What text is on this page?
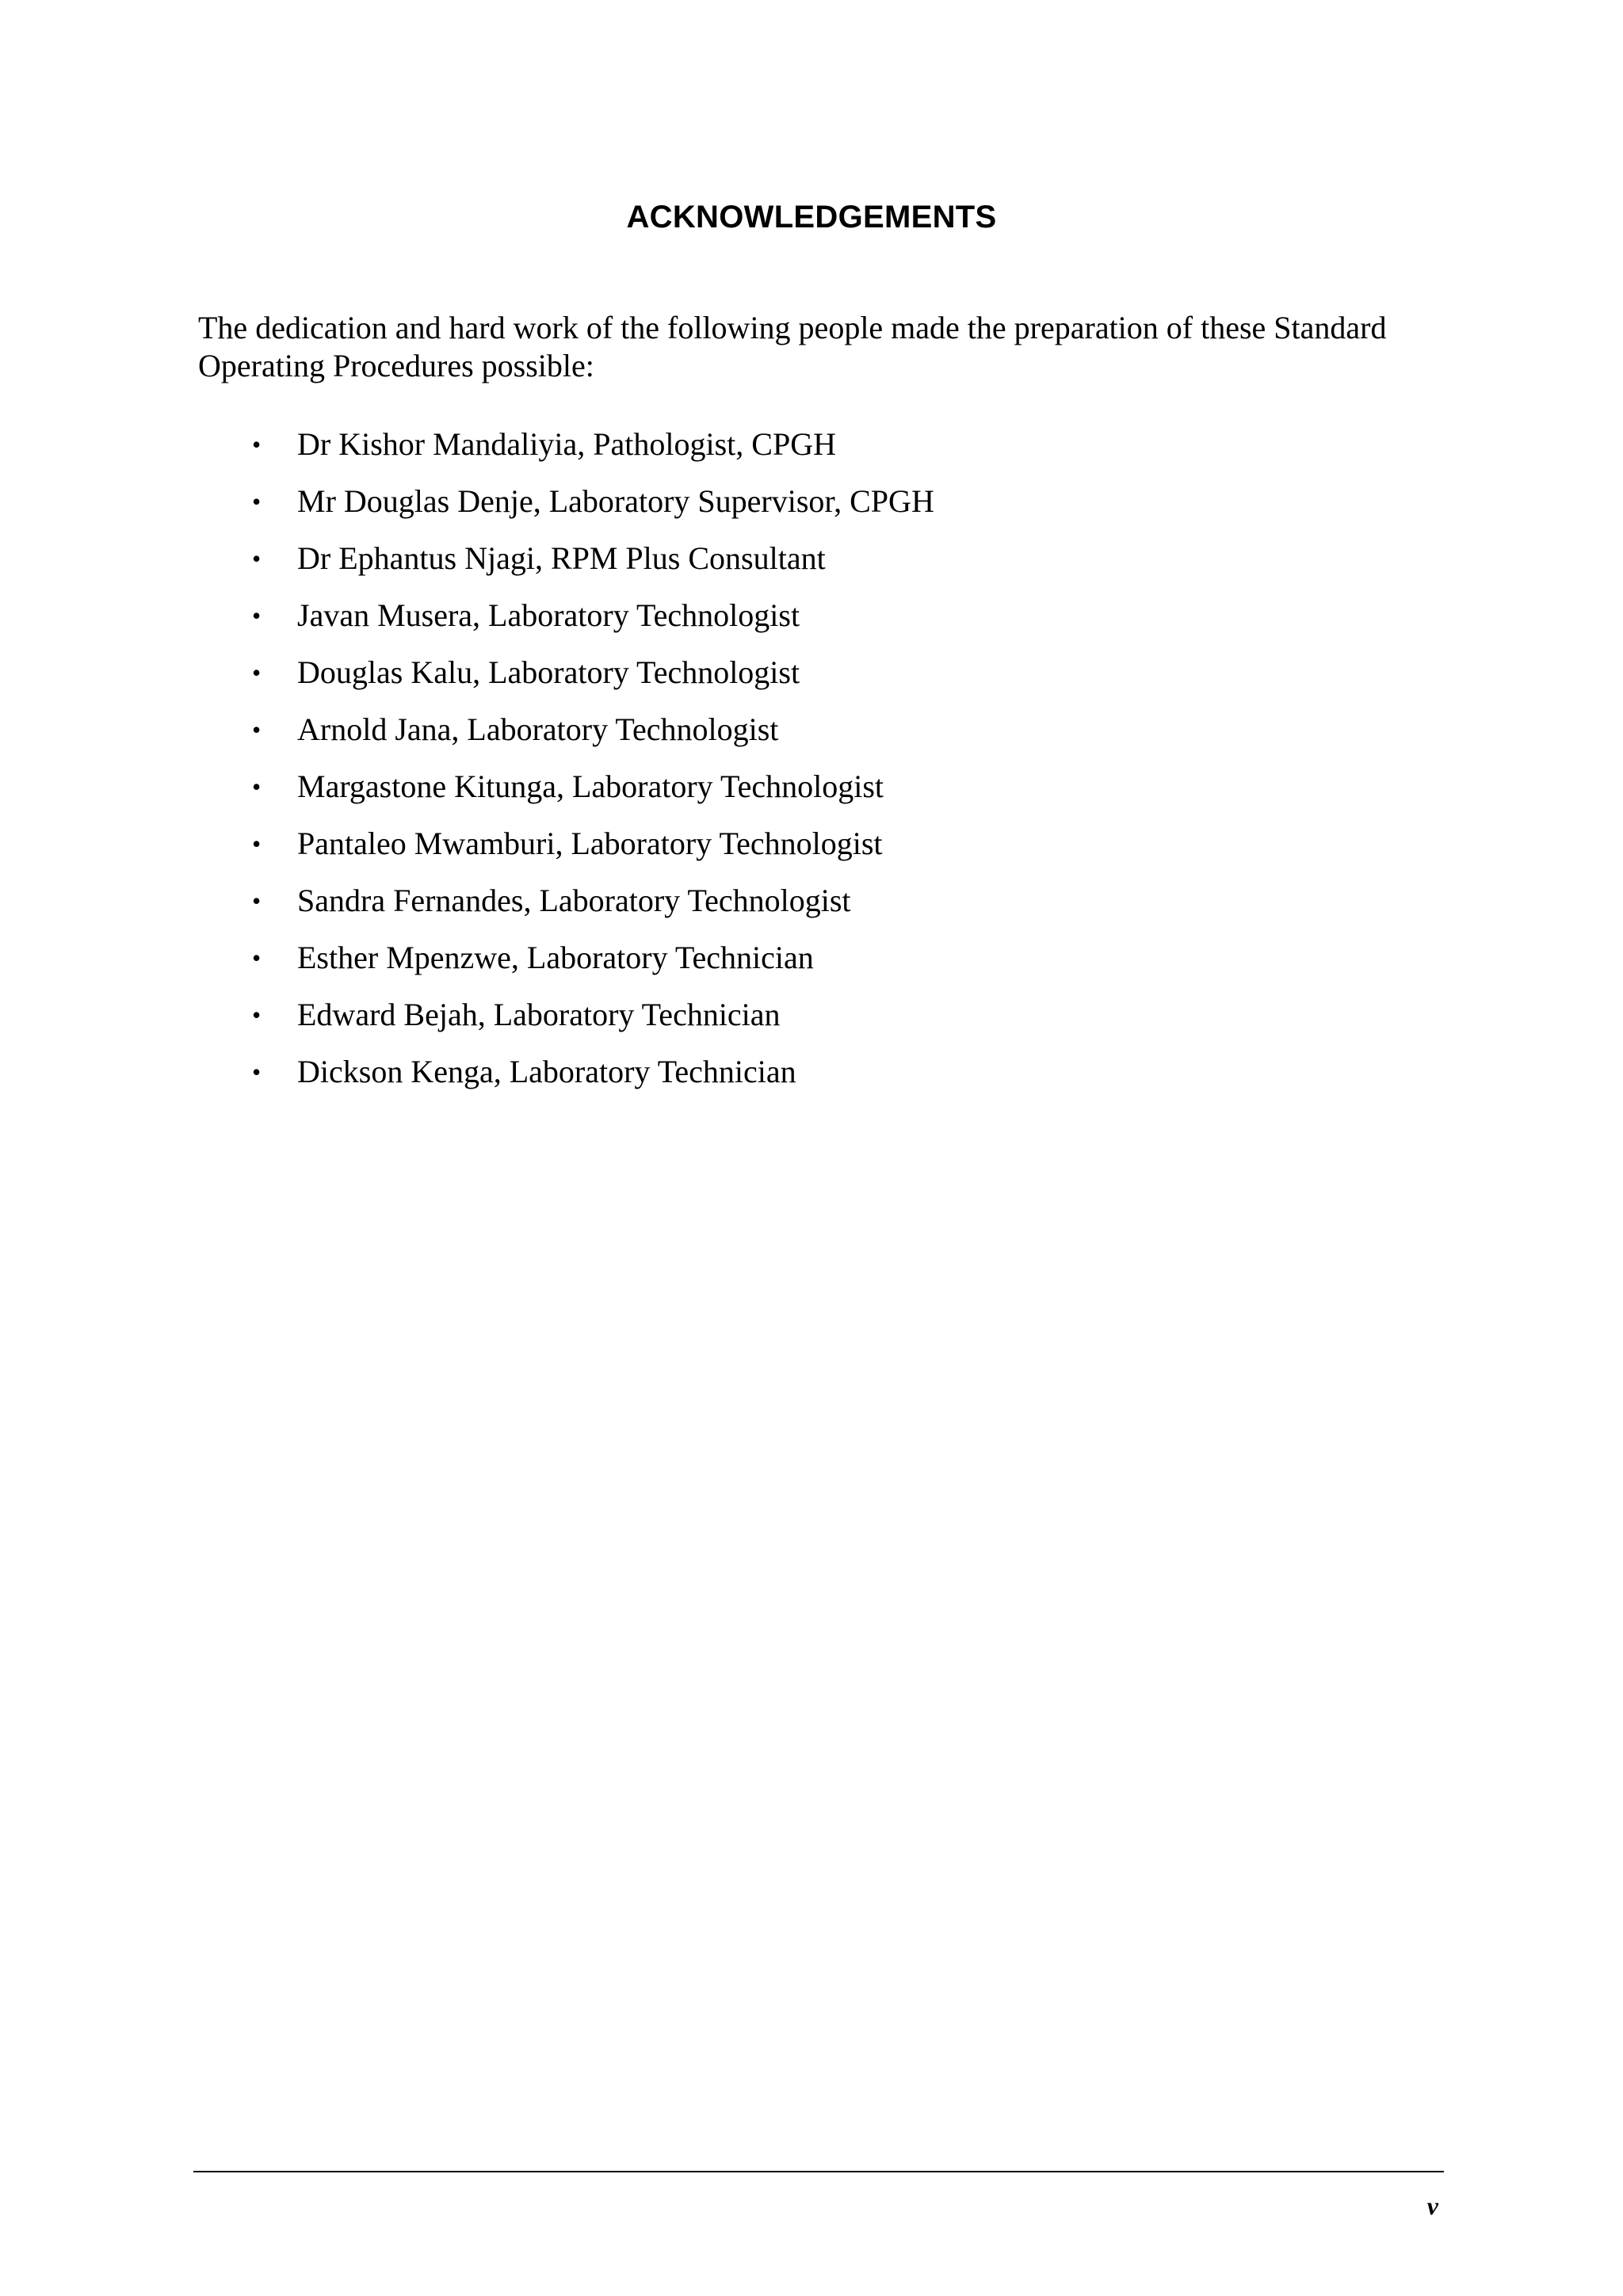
ACKNOWLEDGEMENTS

The dedication and hard work of the following people made the preparation of these Standard Operating Procedures possible:

• Dr Kishor Mandaliyia, Pathologist, CPGH
• Mr Douglas Denje, Laboratory Supervisor, CPGH
• Dr Ephantus Njagi, RPM Plus Consultant
• Javan Musera, Laboratory Technologist
• Douglas Kalu, Laboratory Technologist
• Arnold Jana, Laboratory Technologist
• Margastone Kitunga, Laboratory Technologist
• Pantaleo Mwamburi, Laboratory Technologist
• Sandra Fernandes, Laboratory Technologist
• Esther Mpenzwe, Laboratory Technician
• Edward Bejah, Laboratory Technician
• Dickson Kenga, Laboratory Technician
v
